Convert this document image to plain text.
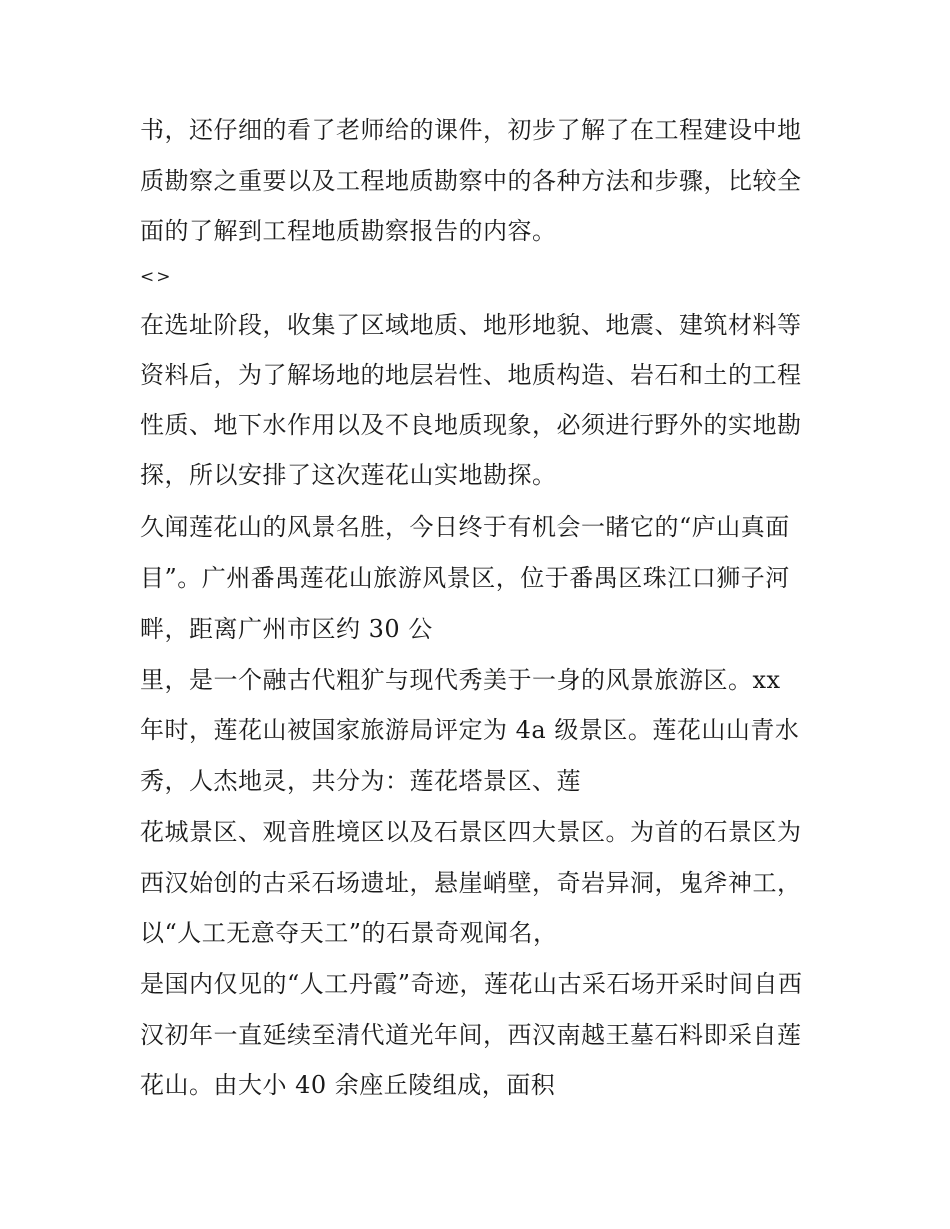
书，还仔细的看了老师给的课件，初步了解了在工程建设中地
质勘察之重要以及工程地质勘察中的各种方法和步骤，比较全
面的了解到工程地质勘察报告的内容。
<>
在选址阶段，收集了区域地质、地形地貌、地震、建筑材料等
资料后，为了解场地的地层岩性、地质构造、岩石和土的工程
性质、地下水作用以及不良地质现象，必须进行野外的实地勘
探，所以安排了这次莲花山实地勘探。
久闻莲花山的风景名胜，今日终于有机会一睹它的“庐山真面
目”。广州番禺莲花山旅游风景区，位于番禺区珠江口狮子河
畔，距离广州市区约 30 公
里，是一个融古代粗犷与现代秀美于一身的风景旅游区。xx
年时，莲花山被国家旅游局评定为 4a 级景区。莲花山山青水
秀，人杰地灵，共分为：莲花塔景区、莲
花城景区、观音胜境区以及石景区四大景区。为首的石景区为
西汉始创的古采石场遗址，悬崖峭壁，奇岩异洞，鬼斧神工，
以“人工无意夺天工”的石景奇观闻名，
是国内仅见的“人工丹霞”奇迹，莲花山古采石场开采时间自西
汉初年一直延续至清代道光年间，西汉南越王墓石料即采自莲
花山。由大小 40 余座丘陵组成，面积
